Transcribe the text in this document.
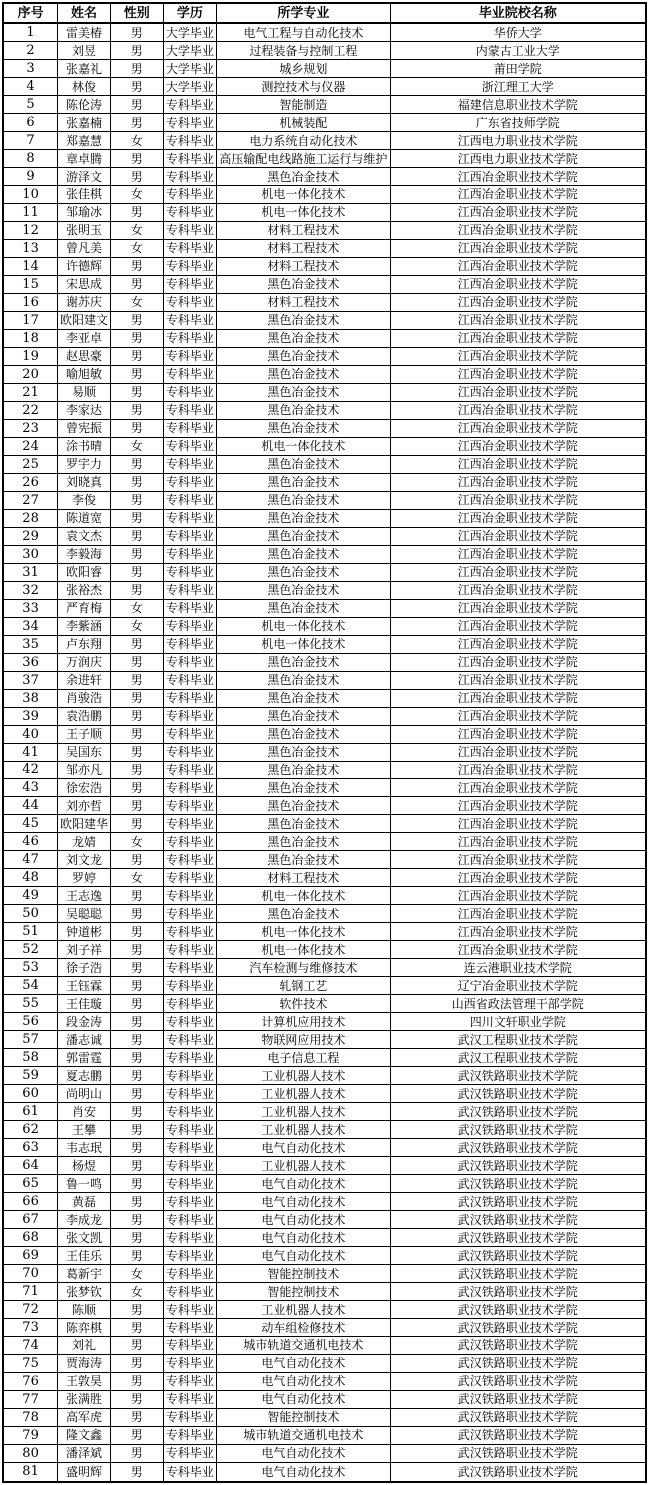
序号	姓名	性别	学历	所学专业	毕业院校名称
1	雷美椿	男	大学毕业	电气工程与自动化技术	华侨大学
2	刘昱	男	大学毕业	过程装备与控制工程	内蒙古工业大学
3	张嘉礼	男	大学毕业	城乡规划	莆田学院
4	林俊	男	大学毕业	测控技术与仪器	浙江理工大学
5	陈伦涛	男	专科毕业	智能制造	福建信息职业技术学院
6	张嘉楠	男	专科毕业	机械装配	广东省技师学院
7	郑嘉慧	女	专科毕业	电力系统自动化技术	江西电力职业技术学院
8	章卓腾	男	专科毕业	高压输配电线路施工运行与维护	江西电力职业技术学院
9	游泽文	男	专科毕业	黑色冶金技术	江西冶金职业技术学院
10	张佳棋	女	专科毕业	机电一体化技术	江西冶金职业技术学院
11	邹瑜冰	男	专科毕业	机电一体化技术	江西冶金职业技术学院
12	张明玉	女	专科毕业	材料工程技术	江西冶金职业技术学院
13	曾凡美	女	专科毕业	材料工程技术	江西冶金职业技术学院
14	许德辉	男	专科毕业	材料工程技术	江西冶金职业技术学院
15	宋思成	男	专科毕业	黑色冶金技术	江西冶金职业技术学院
16	谢苏庆	女	专科毕业	材料工程技术	江西冶金职业技术学院
17	欧阳建文	男	专科毕业	黑色冶金技术	江西冶金职业技术学院
18	李亚卓	男	专科毕业	黑色冶金技术	江西冶金职业技术学院
19	赵思豪	男	专科毕业	黑色冶金技术	江西冶金职业技术学院
20	喻旭敏	男	专科毕业	黑色冶金技术	江西冶金职业技术学院
21	易顺	男	专科毕业	黑色冶金技术	江西冶金职业技术学院
22	李家达	男	专科毕业	黑色冶金技术	江西冶金职业技术学院
23	曾宪振	男	专科毕业	黑色冶金技术	江西冶金职业技术学院
24	涂书晴	女	专科毕业	机电一体化技术	江西冶金职业技术学院
25	罗宇力	男	专科毕业	黑色冶金技术	江西冶金职业技术学院
26	刘晓真	男	专科毕业	黑色冶金技术	江西冶金职业技术学院
27	李俊	男	专科毕业	黑色冶金技术	江西冶金职业技术学院
28	陈道宽	男	专科毕业	黑色冶金技术	江西冶金职业技术学院
29	袁文杰	男	专科毕业	黑色冶金技术	江西冶金职业技术学院
30	李毅海	男	专科毕业	黑色冶金技术	江西冶金职业技术学院
31	欧阳睿	男	专科毕业	黑色冶金技术	江西冶金职业技术学院
32	张裕杰	男	专科毕业	黑色冶金技术	江西冶金职业技术学院
33	严育梅	女	专科毕业	黑色冶金技术	江西冶金职业技术学院
34	李紫涵	女	专科毕业	机电一体化技术	江西冶金职业技术学院
35	卢东翔	男	专科毕业	机电一体化技术	江西冶金职业技术学院
36	万润庆	男	专科毕业	黑色冶金技术	江西冶金职业技术学院
37	余进轩	男	专科毕业	黑色冶金技术	江西冶金职业技术学院
38	肖骏浩	男	专科毕业	黑色冶金技术	江西冶金职业技术学院
39	袁浩鹏	男	专科毕业	黑色冶金技术	江西冶金职业技术学院
40	王子顺	男	专科毕业	黑色冶金技术	江西冶金职业技术学院
41	吴国东	男	专科毕业	黑色冶金技术	江西冶金职业技术学院
42	邹亦凡	男	专科毕业	黑色冶金技术	江西冶金职业技术学院
43	徐宏浩	男	专科毕业	黑色冶金技术	江西冶金职业技术学院
44	刘亦哲	男	专科毕业	黑色冶金技术	江西冶金职业技术学院
45	欧阳建华	男	专科毕业	黑色冶金技术	江西冶金职业技术学院
46	龙婧	女	专科毕业	黑色冶金技术	江西冶金职业技术学院
47	刘文龙	男	专科毕业	黑色冶金技术	江西冶金职业技术学院
48	罗婷	女	专科毕业	材料工程技术	江西冶金职业技术学院
49	王志逸	男	专科毕业	机电一体化技术	江西冶金职业技术学院
50	吴聪聪	男	专科毕业	黑色冶金技术	江西冶金职业技术学院
51	钟道彬	男	专科毕业	机电一体化技术	江西冶金职业技术学院
52	刘子祥	男	专科毕业	机电一体化技术	江西冶金职业技术学院
53	徐子浩	男	专科毕业	汽车检测与维修技术	连云港职业技术学院
54	王钰霖	男	专科毕业	轧钢工艺	辽宁冶金职业技术学院
55	王佳璇	男	专科毕业	软件技术	山西省政法管理干部学院
56	段金涛	男	专科毕业	计算机应用技术	四川文轩职业学院
57	潘志诚	男	专科毕业	物联网应用技术	武汉工程职业技术学院
58	郭雷霆	男	专科毕业	电子信息工程	武汉工程职业技术学院
59	夏志鹏	男	专科毕业	工业机器人技术	武汉铁路职业技术学院
60	尚明山	男	专科毕业	工业机器人技术	武汉铁路职业技术学院
61	肖安	男	专科毕业	工业机器人技术	武汉铁路职业技术学院
62	王攀	男	专科毕业	工业机器人技术	武汉铁路职业技术学院
63	韦志珉	男	专科毕业	电气自动化技术	武汉铁路职业技术学院
64	杨煜	男	专科毕业	工业机器人技术	武汉铁路职业技术学院
65	鲁一鸣	男	专科毕业	电气自动化技术	武汉铁路职业技术学院
66	黄磊	男	专科毕业	电气自动化技术	武汉铁路职业技术学院
67	李成龙	男	专科毕业	电气自动化技术	武汉铁路职业技术学院
68	张文凯	男	专科毕业	电气自动化技术	武汉铁路职业技术学院
69	王佳乐	男	专科毕业	电气自动化技术	武汉铁路职业技术学院
70	葛新宇	女	专科毕业	智能控制技术	武汉铁路职业技术学院
71	张梦钦	女	专科毕业	智能控制技术	武汉铁路职业技术学院
72	陈顺	男	专科毕业	工业机器人技术	武汉铁路职业技术学院
73	陈弈棋	男	专科毕业	动车组检修技术	武汉铁路职业技术学院
74	刘礼	男	专科毕业	城市轨道交通机电技术	武汉铁路职业技术学院
75	贾海涛	男	专科毕业	电气自动化技术	武汉铁路职业技术学院
76	王敦昊	男	专科毕业	电气自动化技术	武汉铁路职业技术学院
77	张满胜	男	专科毕业	电气自动化技术	武汉铁路职业技术学院
78	高军虎	男	专科毕业	智能控制技术	武汉铁路职业技术学院
79	隆文鑫	男	专科毕业	城市轨道交通机电技术	武汉铁路职业技术学院
80	潘泽斌	男	专科毕业	电气自动化技术	武汉铁路职业技术学院
81	盛明辉	男	专科毕业	电气自动化技术	武汉铁路职业技术学院
